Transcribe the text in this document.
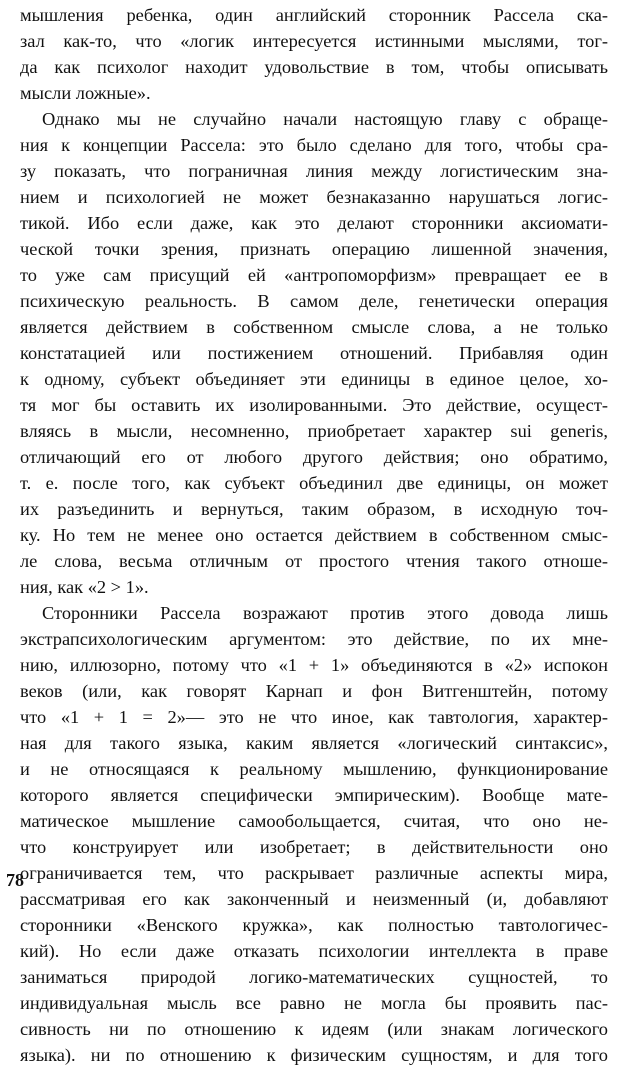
мышления ребенка, один английский сторонник Рассела ска-
зал как-то, что «логик интересуется истинными мыслями, тог-
да как психолог находит удовольствие в том, чтобы описывать
мысли ложные».
Однако мы не случайно начали настоящую главу с обраще-
ния к концепции Рассела: это было сделано для того, чтобы сра-
зу показать, что пограничная линия между логистическим зна-
нием и психологией не может безнаказанно нарушаться логис-
тикой. Ибо если даже, как это делают сторонники аксиомати-
ческой точки зрения, признать операцию лишенной значения,
то уже сам присущий ей «антропоморфизм» превращает ее в
психическую реальность. В самом деле, генетически операция
является действием в собственном смысле слова, а не только
констатацией или постижением отношений. Прибавляя один
к одному, субъект объединяет эти единицы в единое целое, хо-
тя мог бы оставить их изолированными. Это действие, осущест-
вляясь в мысли, несомненно, приобретает характер sui generis,
отличающий его от любого другого действия; оно обратимо,
т. е. после того, как субъект объединил две единицы, он может
их разъединить и вернуться, таким образом, в исходную точ-
ку. Но тем не менее оно остается действием в собственном смыс-
ле слова, весьма отличным от простого чтения такого отноше-
ния, как «2 > 1».
Сторонники Рассела возражают против этого довода лишь
экстрапсихологическим аргументом: это действие, по их мне-
нию, иллюзорно, потому что «1 + 1» объединяются в «2» испокон
веков (или, как говорят Карнап и фон Витгенштейн, потому
что «1 + 1 = 2»— это не что иное, как тавтология, характер-
ная для такого языка, каким является «логический синтаксис»,
и не относящаяся к реальному мышлению, функционирование
которого является специфически эмпирическим). Вообще мате-
матическое мышление самообольщается, считая, что оно не-
что конструирует или изобретает; в действительности оно
ограничивается тем, что раскрывает различные аспекты мира,
рассматривая его как законченный и неизменный (и, добавляют
сторонники «Венского кружка», как полностью тавтологичес-
кий). Но если даже отказать психологии интеллекта в праве
заниматься природой логико-математических сущностей, то
индивидуальная мысль все равно не могла бы проявить пас-
сивность ни по отношению к идеям (или знакам логического
языка). ни по отношению к физическим сущностям, и для того
78
